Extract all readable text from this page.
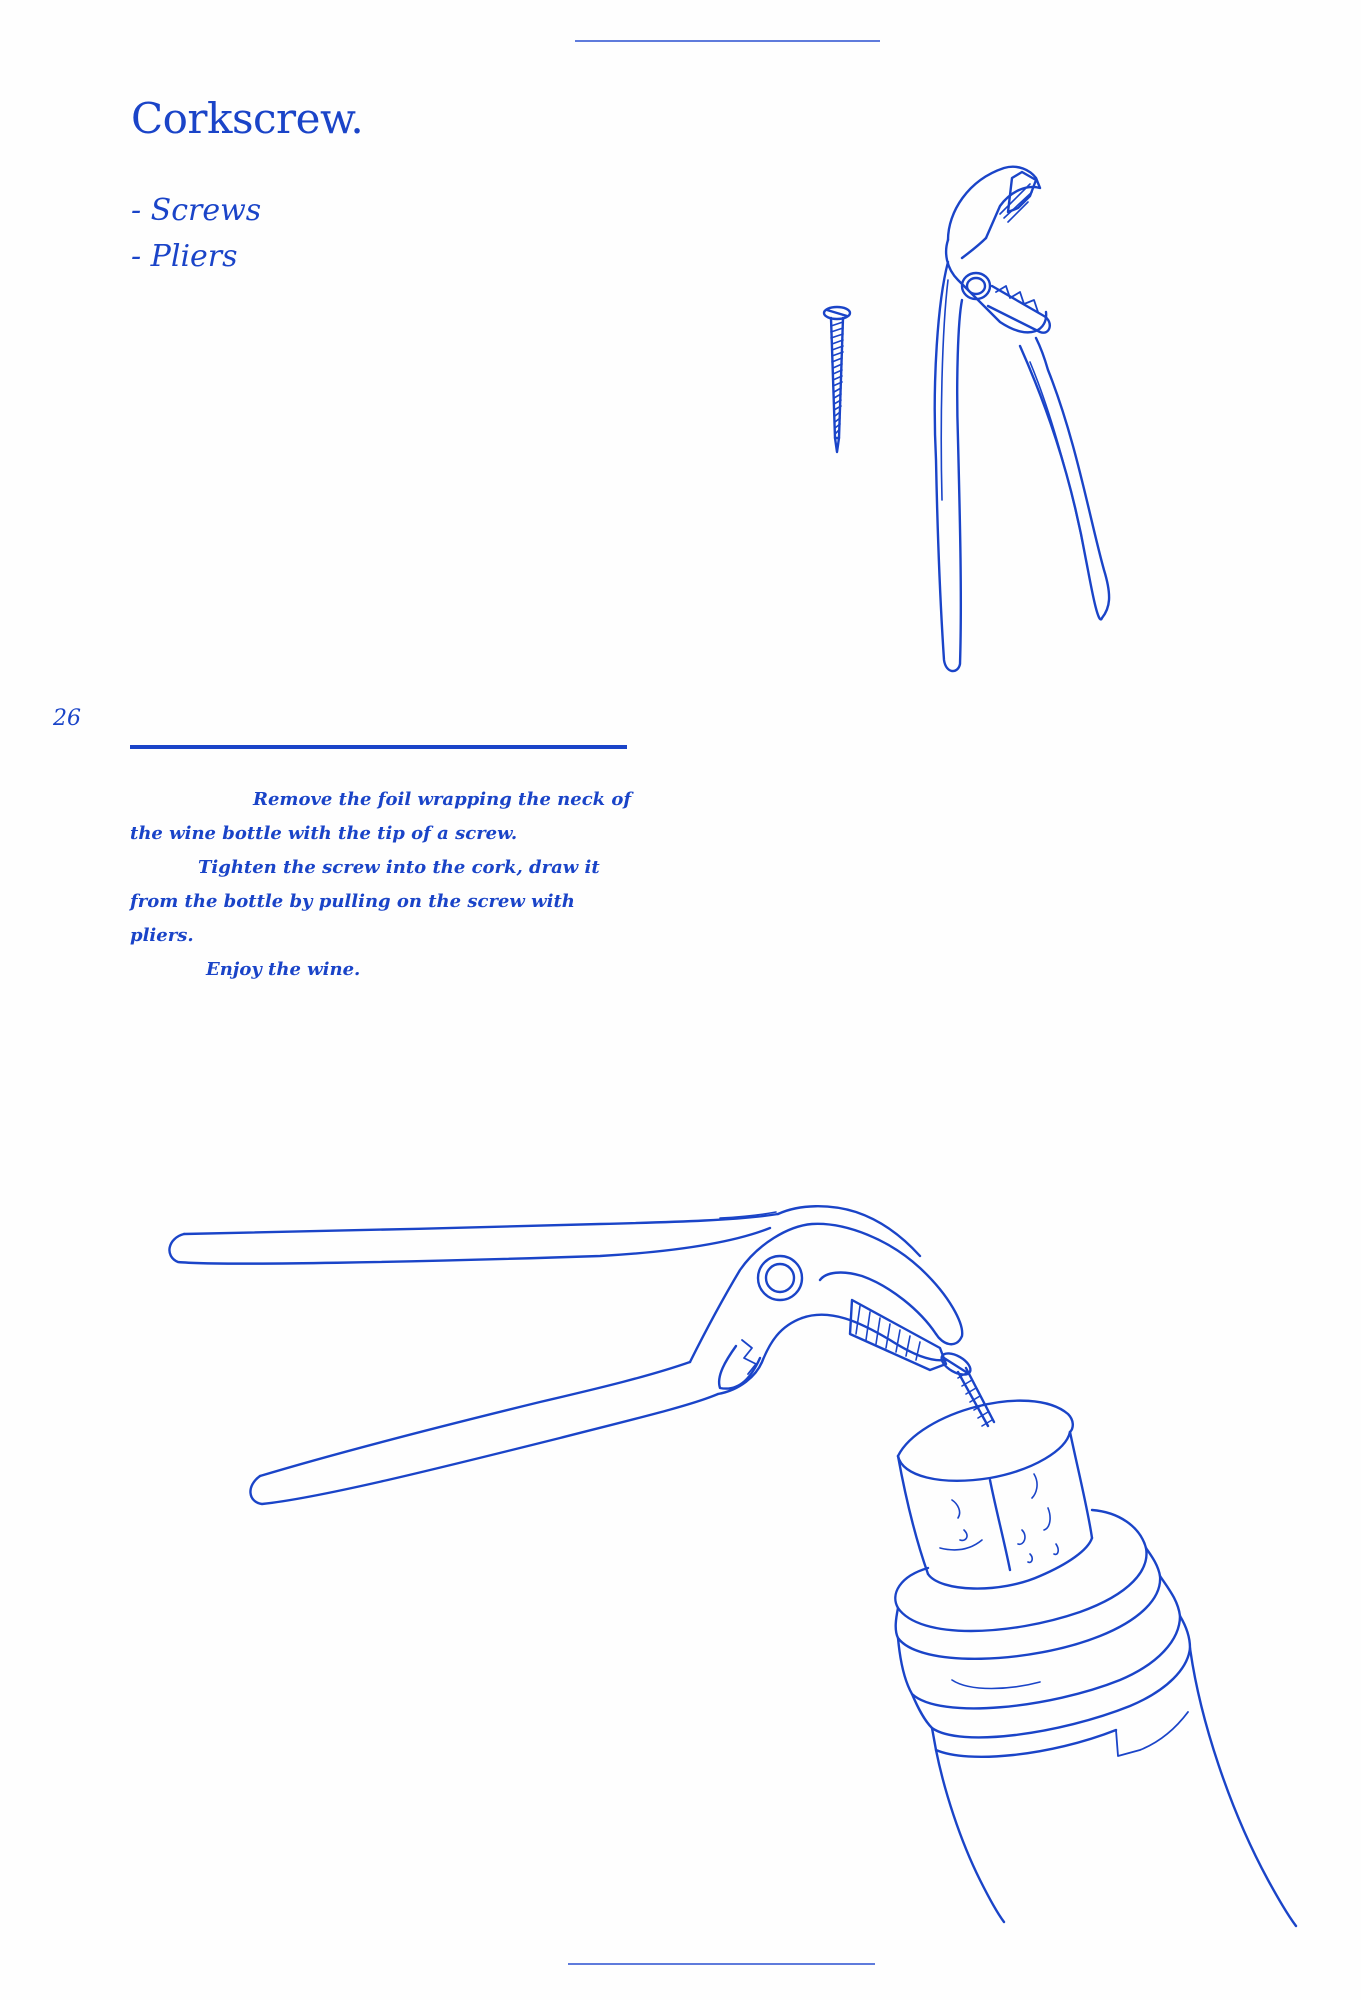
Corkscrew.
- Screws
- Pliers
26

Remove the foil wrapping the neck of the wine bottle with the tip of a screw.

Tighten the screw into the cork, draw it from the bottle by pulling on the screw with pliers.

Enjoy the wine.
